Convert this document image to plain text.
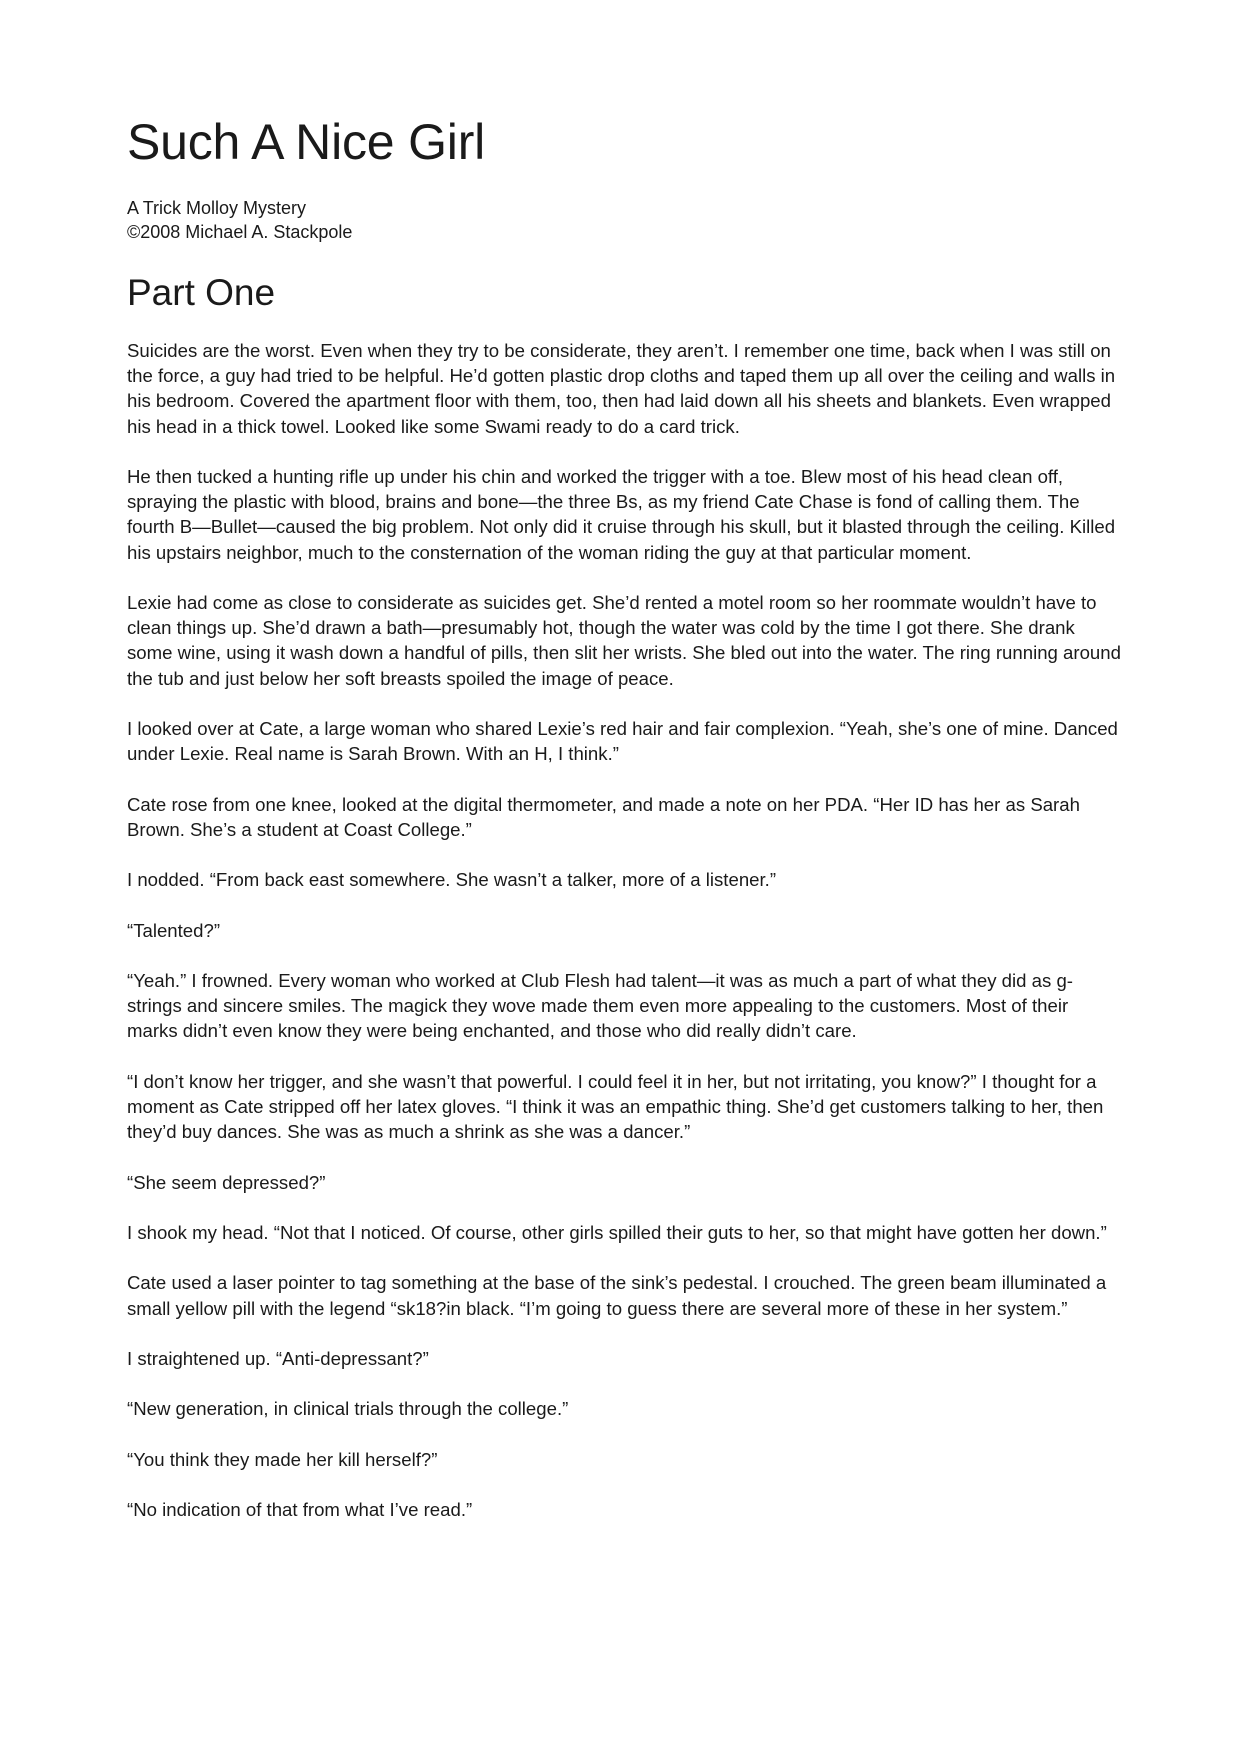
Such A Nice Girl

A Trick Molloy Mystery

©2008 Michael A. Stackpole

Part One

Suicides are the worst. Even when they try to be considerate, they aren’t. I remember one time, back when I was still on the force, a guy had tried to be helpful. He’d gotten plastic drop cloths and taped them up all over the ceiling and walls in his bedroom. Covered the apartment floor with them, too, then had laid down all his sheets and blankets. Even wrapped his head in a thick towel. Looked like some Swami ready to do a card trick.

He then tucked a hunting rifle up under his chin and worked the trigger with a toe. Blew most of his head clean off, spraying the plastic with blood, brains and bone—the three Bs, as my friend Cate Chase is fond of calling them. The fourth B—Bullet—caused the big problem. Not only did it cruise through his skull, but it blasted through the ceiling. Killed his upstairs neighbor, much to the consternation of the woman riding the guy at that particular moment.

Lexie had come as close to considerate as suicides get. She’d rented a motel room so her roommate wouldn’t have to clean things up. She’d drawn a bath—presumably hot, though the water was cold by the time I got there. She drank some wine, using it wash down a handful of pills, then slit her wrists. She bled out into the water. The ring running around the tub and just below her soft breasts spoiled the image of peace.

I looked over at Cate, a large woman who shared Lexie’s red hair and fair complexion. “Yeah, she’s one of mine. Danced under Lexie. Real name is Sarah Brown. With an H, I think.”

Cate rose from one knee, looked at the digital thermometer, and made a note on her PDA. “Her ID has her as Sarah Brown. She’s a student at Coast College.”

I nodded. “From back east somewhere. She wasn’t a talker, more of a listener.”

“Talented?”

“Yeah.” I frowned. Every woman who worked at Club Flesh had talent—it was as much a part of what they did as g-strings and sincere smiles. The magick they wove made them even more appealing to the customers. Most of their marks didn’t even know they were being enchanted, and those who did really didn’t care.

“I don’t know her trigger, and she wasn’t that powerful. I could feel it in her, but not irritating, you know?” I thought for a moment as Cate stripped off her latex gloves. “I think it was an empathic thing. She’d get customers talking to her, then they’d buy dances. She was as much a shrink as she was a dancer.”

“She seem depressed?”

I shook my head. “Not that I noticed. Of course, other girls spilled their guts to her, so that might have gotten her down.”

Cate used a laser pointer to tag something at the base of the sink’s pedestal. I crouched. The green beam illuminated a small yellow pill with the legend “sk18?in black. “I’m going to guess there are several more of these in her system.”

I straightened up. “Anti-depressant?”

“New generation, in clinical trials through the college.”

“You think they made her kill herself?”

“No indication of that from what I’ve read.”
